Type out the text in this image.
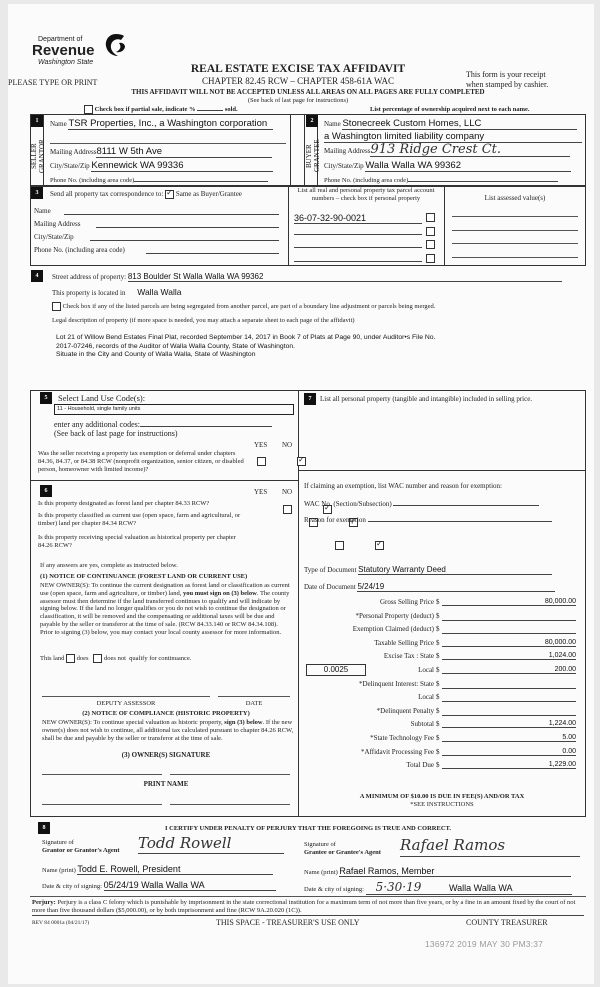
Department of
Revenue
Washington State
PLEASE TYPE OR PRINT
REAL ESTATE EXCISE TAX AFFIDAVIT
CHAPTER 82.45 RCW – CHAPTER 458-61A WAC
This form is your receipt
when stamped by cashier.
THIS AFFIDAVIT WILL NOT BE ACCEPTED UNLESS ALL AREAS ON ALL PAGES ARE FULLY COMPLETED
(See back of last page for instructions)
Check box if partial sale, indicate %	sold.	List percentage of ownership acquired next to each name.
1
SELLER
GRANTOR
Name TSR Properties, Inc., a Washington corporation
Mailing Address8111 W 5th Ave
City/State/Zip Kennewick WA 99336
Phone No. (including area code)
2
BUYER
GRANTEE
Name Stonecreek Custom Homes, LLC
a Washington limited liability company
Mailing Address913 Ridge Crest Ct.
City/State/Zip Walla Walla WA 99362
Phone No. (including area code)
3	Send all property tax correspondence to: ✓ Same as Buyer/Grantee
Name
Mailing Address
City/State/Zip
Phone No. (including area code)
List all real and personal property tax parcel account numbers – check box if personal property	List assessed value(s)
36-07-32-90-0021

4	Street address of property: 813 Boulder St Walla Walla WA 99362
This property is located in Walla Walla
Check box if any of the listed parcels are being segregated from another parcel, are part of a boundary line adjustment or parcels being merged.
Legal description of property (if more space is needed, you may attach a separate sheet to each page of the affidavit)
Lot 21 of Willow Bend Estates Final Plat, recorded September 14, 2017 in Book 7 of Plats at Page 90, under Auditor•s File No.
2017-07246, records of the Auditor of Walla Walla County, State of Washington.
Situate in the City and County of Walla Walla, State of Washington
5	Select Land Use Code(s):
11 - Household, single family units
enter any additional codes:
(See back of last page for instructions)
YES NO
Was the seller receiving a property tax exemption or deferral under chapters 84.36, 84.37, or 84.38 RCW (nonprofit organization, senior citizen, or disabled person, homeowner with limited income)?
✓
6	YES NO
Is this property designated as forest land per chapter 84.33 RCW?
✓
Is this property classified as current use (open space, farm and agricultural, or timber) land per chapter 84.34 RCW?
✓
Is this property receiving special valuation as historical property per chapter 84.26 RCW?
✓
If any answers are yes, complete as instructed below.
(1) NOTICE OF CONTINUANCE (FOREST LAND OR CURRENT USE)
NEW OWNER(S): To continue the current designation as forest land or classification as current use (open space, farm and agriculture, or timber) land, you must sign on (3) below. The county assessor must then determine if the land transferred continues to qualify and will indicate by signing below. If the land no longer qualifies or you do not wish to continue the designation or classification, it will be removed and the compensating or additional taxes will be due and payable by the seller or transferor at the time of sale. (RCW 84.33.140 or RCW 84.34.108). Prior to signing (3) below, you may contact your local county assessor for more information.
This land does does not qualify for continuance.
DEPUTY ASSESSOR	DATE
(2) NOTICE OF COMPLIANCE (HISTORIC PROPERTY)
NEW OWNER(S): To continue special valuation as historic property, sign (3) below. If the new owner(s) does not wish to continue, all additional tax calculated pursuant to chapter 84.26 RCW, shall be due and payable by the seller or transferor at the time of sale.
(3) OWNER(S) SIGNATURE
PRINT NAME
7	List all personal property (tangible and intangible) included in selling price.
If claiming an exemption, list WAC number and reason for exemption:
WAC No. (Section/Subsection)
Reason for exemption
Type of Document Statutory Warranty Deed
Date of Document 5/24/19
Gross Selling Price $	80,000.00
*Personal Property (deduct) $
Exemption Claimed (deduct) $
Taxable Selling Price $	80,000.00
Excise Tax : State $	1,024.00
0.0025	Local $	200.00
*Delinquent Interest: State $
Local $
*Delinquent Penalty $
Subtotal $	1,224.00
*State Technology Fee $	5.00
*Affidavit Processing Fee $	0.00
Total Due $	1,229.00
A MINIMUM OF $10.00 IS DUE IN FEE(S) AND/OR TAX
*SEE INSTRUCTIONS
8	I CERTIFY UNDER PENALTY OF PERJURY THAT THE FOREGOING IS TRUE AND CORRECT.
Signature of
Grantor or Grantor's Agent Todd Rowell
Name (print) Todd E. Rowell, President
Date & city of signing: 05/24/19 Walla Walla WA
Signature of
Grantee or Grantee's Agent Rafael Ramos
Name (print) Rafael Ramos, Member
Date & city of signing: 5·30·19	Walla Walla WA
Perjury: Perjury is a class C felony which is punishable by imprisonment in the state correctional institution for a maximum term of not more than five years, or by a fine in an amount fixed by the court of not more than five thousand dollars ($5,000.00), or by both imprisonment and fine (RCW 9A.20.020 (1C)).
REV 84 0001a (04/21/17)	THIS SPACE - TREASURER'S USE ONLY	COUNTY TREASURER
136972 2019 MAY 30 PM3:37
